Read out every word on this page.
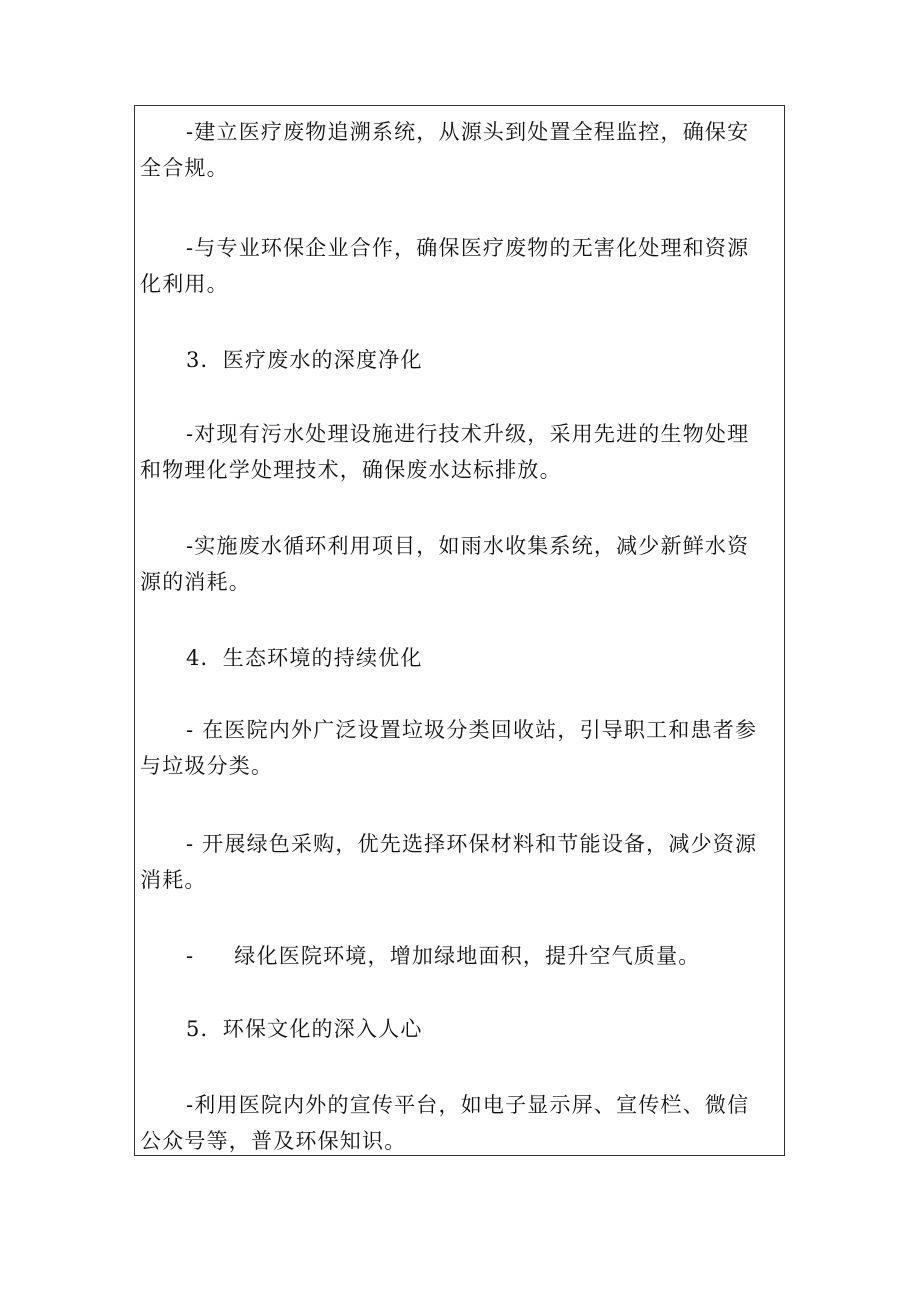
-建立医疗废物追溯系统，从源头到处置全程监控，确保安
全合规。

-与专业环保企业合作，确保医疗废物的无害化处理和资源
化利用。

3．医疗废水的深度净化

-对现有污水处理设施进行技术升级，采用先进的生物处理
和物理化学处理技术，确保废水达标排放。

-实施废水循环利用项目，如雨水收集系统，减少新鲜水资
源的消耗。

4．生态环境的持续优化

- 在医院内外广泛设置垃圾分类回收站，引导职工和患者参
与垃圾分类。

- 开展绿色采购，优先选择环保材料和节能设备，减少资源
消耗。

- 绿化医院环境，增加绿地面积，提升空气质量。

5．环保文化的深入人心

-利用医院内外的宣传平台，如电子显示屏、宣传栏、微信
公众号等，普及环保知识。
